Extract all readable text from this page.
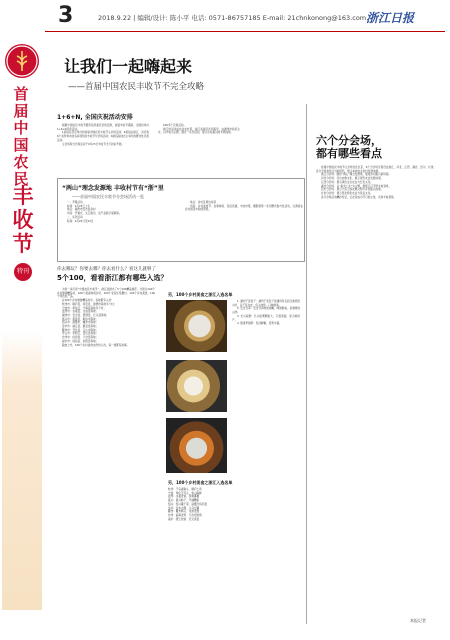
3	2018.9.22 | 编辑/设计: 陈小平 电话: 0571-86757185 E-mail: 21chnkonong@163.com 浙江日报
首
届
中
国
农
民
丰
收
节
特刊
让我们一起嗨起来
——首届中国农民丰收节不完全攻略
1+6+N, 全国庆祝活动安排

根据中国农民丰收节组织指导委员会的安排，首届丰收节期间，全国将举办1+6+N庆祝活动。

1是指在北京举办的首届中国农民丰收节主会场活动；6是指在浙江、河北等6个省份举办的各具特色的丰收节分会场活动；N是指各地自主举办的群众性庆祝活动。

主会场和分会场活动于9月23日丰收节当天同步开展。

100多个庆祝活动。

浙江的活动由农业农村部、浙江省政府共同指导，由湖州市政府主办，以丰收为主题，通过一系列活动，展示乡村振兴的丰硕成果。

“两山”理念发源地 丰收村节有“浙”里
——首届中国农民丰收节分会场活动一览

一、开幕活动

时间：9月23日上午

地点：湖州市安吉县余村

内容：开幕式、文艺演出、农产品展示展销等。

二、系列活动

时间：9月22日至23日

地点：余村及周边村落

内容：乡村美食节、农事体验、民俗表演、丰收市集、摄影展等一系列群众参与性活动，让游客在乡村感受丰收的喜悦。

你去哪玩？你要去哪？你去看什么？看这儿就够了
5个100，看看浙江都有哪些入选？

为进一步庆祝“中国农民丰收节”，浙江省推出了5个100精品推荐，分别为100个乡村旅游精品村、100个美丽休闲乡村、100个农家乐集聚村、100个乡村美食、100个特色农产品。

在100个乡村旅游精品村中，各地都有入选：

杭州市：桐庐县、淳安县、建德市等地多个村；

宁波市：奉化区、宁海县等地多个村；

温州市：永嘉县、文成县等地；

湖州市：安吉县、德清县、长兴县等地；

嘉兴市：嘉善县、桐乡市等地；

绍兴市：诸暨市、嵊州市等地；

金华市：浦江县、磐安县等地；

衢州市：开化县、江山市等地；

舟山市：普陀区、岱山县等地；

台州市：仙居县、天台县等地；

丽水市：遂昌县、松阳县等地。

除此之外，100个乡村美食也纷纷入选，每一道都有故事。

另，100个乡村美食之浙江入选名单

1. 湖州千张包子：湖州千张包子是湖州有名的汉族传统小吃，以千张为皮，包入肉馅，口味鲜美。

2. 安吉冬笋：安吉冬笋肉质细嫩，味道鲜美，是难得的山珍。

3. 长兴板栗：长兴板栗颗粒大，口感香甜，是当地特产。

4. 德清早园笋：色泽鲜嫩，营养丰富。

另，100个乡村美食之浙江入选名单
杭州：千岛湖鱼头、桐庐土鸡
宁波：奉化芋艿头、象山海鲜
温州：永嘉麦饼、泰顺番薯
嘉兴：嘉兴粽子、平湖糟蛋
绍兴：绍兴霉干菜、诸暨次坞打面
金华：金华火腿、义乌红糖
衢州：衢州鸭头、龙游发糕
台州：临海麦虾、天台饺饼筒
丽水：缙云烧饼、庆元香菇
六个分会场，
都有哪些看点

首届中国农民丰收节主会场设在北京，6个分会场分别设在浙江、河北、江西、湖北、四川、甘肃。各分会场将结合当地特色，展示本地农业农村发展成就。

浙江分会场：围绕“两山”理念发源地，展现乡村振兴新风貌。

河北分会场：突出农耕文化，展示现代农业发展成果。

江西分会场：展示绿色生态农业与红色文化。

湖北分会场：以“鱼米之乡”为主题，展现江汉平原丰收景象。

四川分会场：展示天府之国农耕文明与乡村振兴成果。

甘肃分会场：展示西北特色农业与民俗文化。

各分会场活动精彩纷呈，让农民成为节日的主角，共享丰收喜悦。

本报记者
